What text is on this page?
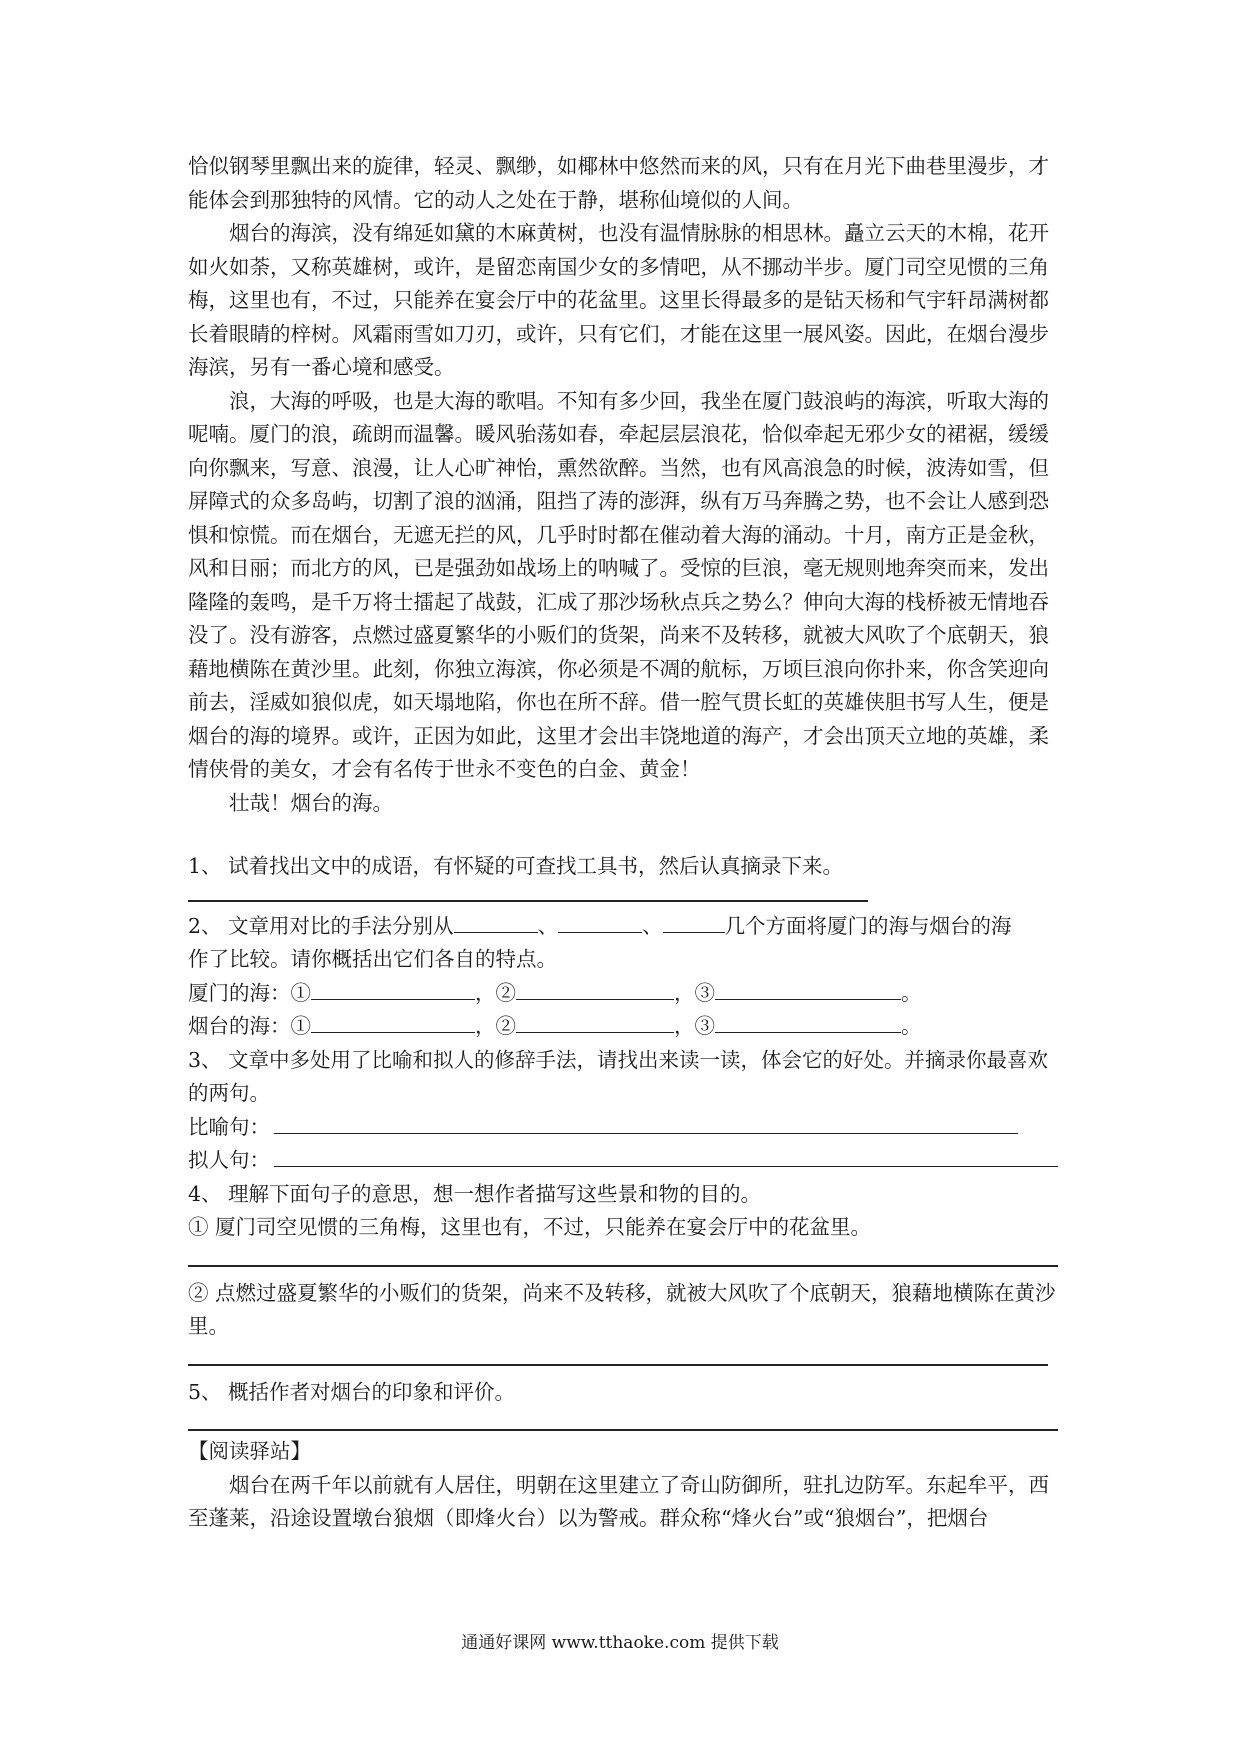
恰似钢琴里飘出来的旋律，轻灵、飘缈，如椰林中悠然而来的风，只有在月光下曲巷里漫步，才能体会到那独特的风情。它的动人之处在于静，堪称仙境似的人间。

烟台的海滨，没有绵延如黛的木麻黄树，也没有温情脉脉的相思林。矗立云天的木棉，花开如火如荼，又称英雄树，或许，是留恋南国少女的多情吧，从不挪动半步。厦门司空见惯的三角梅，这里也有，不过，只能养在宴会厅中的花盆里。这里长得最多的是钻天杨和气宇轩昂满树都长着眼睛的梓树。风霜雨雪如刀刃，或许，只有它们，才能在这里一展风姿。因此，在烟台漫步海滨，另有一番心境和感受。

浪，大海的呼吸，也是大海的歌唱。不知有多少回，我坐在厦门鼓浪屿的海滨，听取大海的呢喃。厦门的浪，疏朗而温馨。暖风骀荡如春，牵起层层浪花，恰似牵起无邪少女的裙裾，缓缓向你飘来，写意、浪漫，让人心旷神怡，熏然欲醉。当然，也有风高浪急的时候，波涛如雪，但屏障式的众多岛屿，切割了浪的汹涌，阻挡了涛的澎湃，纵有万马奔腾之势，也不会让人感到恐惧和惊慌。而在烟台，无遮无拦的风，几乎时时都在催动着大海的涌动。十月，南方正是金秋，风和日丽；而北方的风，已是强劲如战场上的呐喊了。受惊的巨浪，毫无规则地奔突而来，发出隆隆的轰鸣，是千万将士擂起了战鼓，汇成了那沙场秋点兵之势么？伸向大海的栈桥被无情地吞没了。没有游客，点燃过盛夏繁华的小贩们的货架，尚来不及转移，就被大风吹了个底朝天，狼藉地横陈在黄沙里。此刻，你独立海滨，你必须是不凋的航标，万顷巨浪向你扑来，你含笑迎向前去，淫威如狼似虎，如天塌地陷，你也在所不辞。借一腔气贯长虹的英雄侠胆书写人生，便是烟台的海的境界。或许，正因为如此，这里才会出丰饶地道的海产，才会出顶天立地的英雄，柔情侠骨的美女，才会有名传于世永不变色的白金、黄金！

壮哉！烟台的海。

1、 试着找出文中的成语，有怀疑的可查找工具书，然后认真摘录下来。

2、 文章用对比的手法分别从	、	、	几个方面将厦门的海与烟台的海

作了比较。请你概括出它们各自的特点。

厦门的海：①	，②	，③	。

烟台的海：①	，②	，③	。

3、 文章中多处用了比喻和拟人的修辞手法，请找出来读一读，体会它的好处。并摘录你最喜欢的两句。

比喻句：
拟人句：

4、 理解下面句子的意思，想一想作者描写这些景和物的目的。

① 厦门司空见惯的三角梅，这里也有，不过，只能养在宴会厅中的花盆里。

② 点燃过盛夏繁华的小贩们的货架，尚来不及转移，就被大风吹了个底朝天，狼藉地横陈在黄沙里。

5、 概括作者对烟台的印象和评价。

【阅读驿站】

烟台在两千年以前就有人居住，明朝在这里建立了奇山防御所，驻扎边防军。东起牟平，西至蓬莱，沿途设置墩台狼烟（即烽火台）以为警戒。群众称“烽火台”或“狼烟台”，把烟台

通通好课网 www.tthaoke.com 提供下载
